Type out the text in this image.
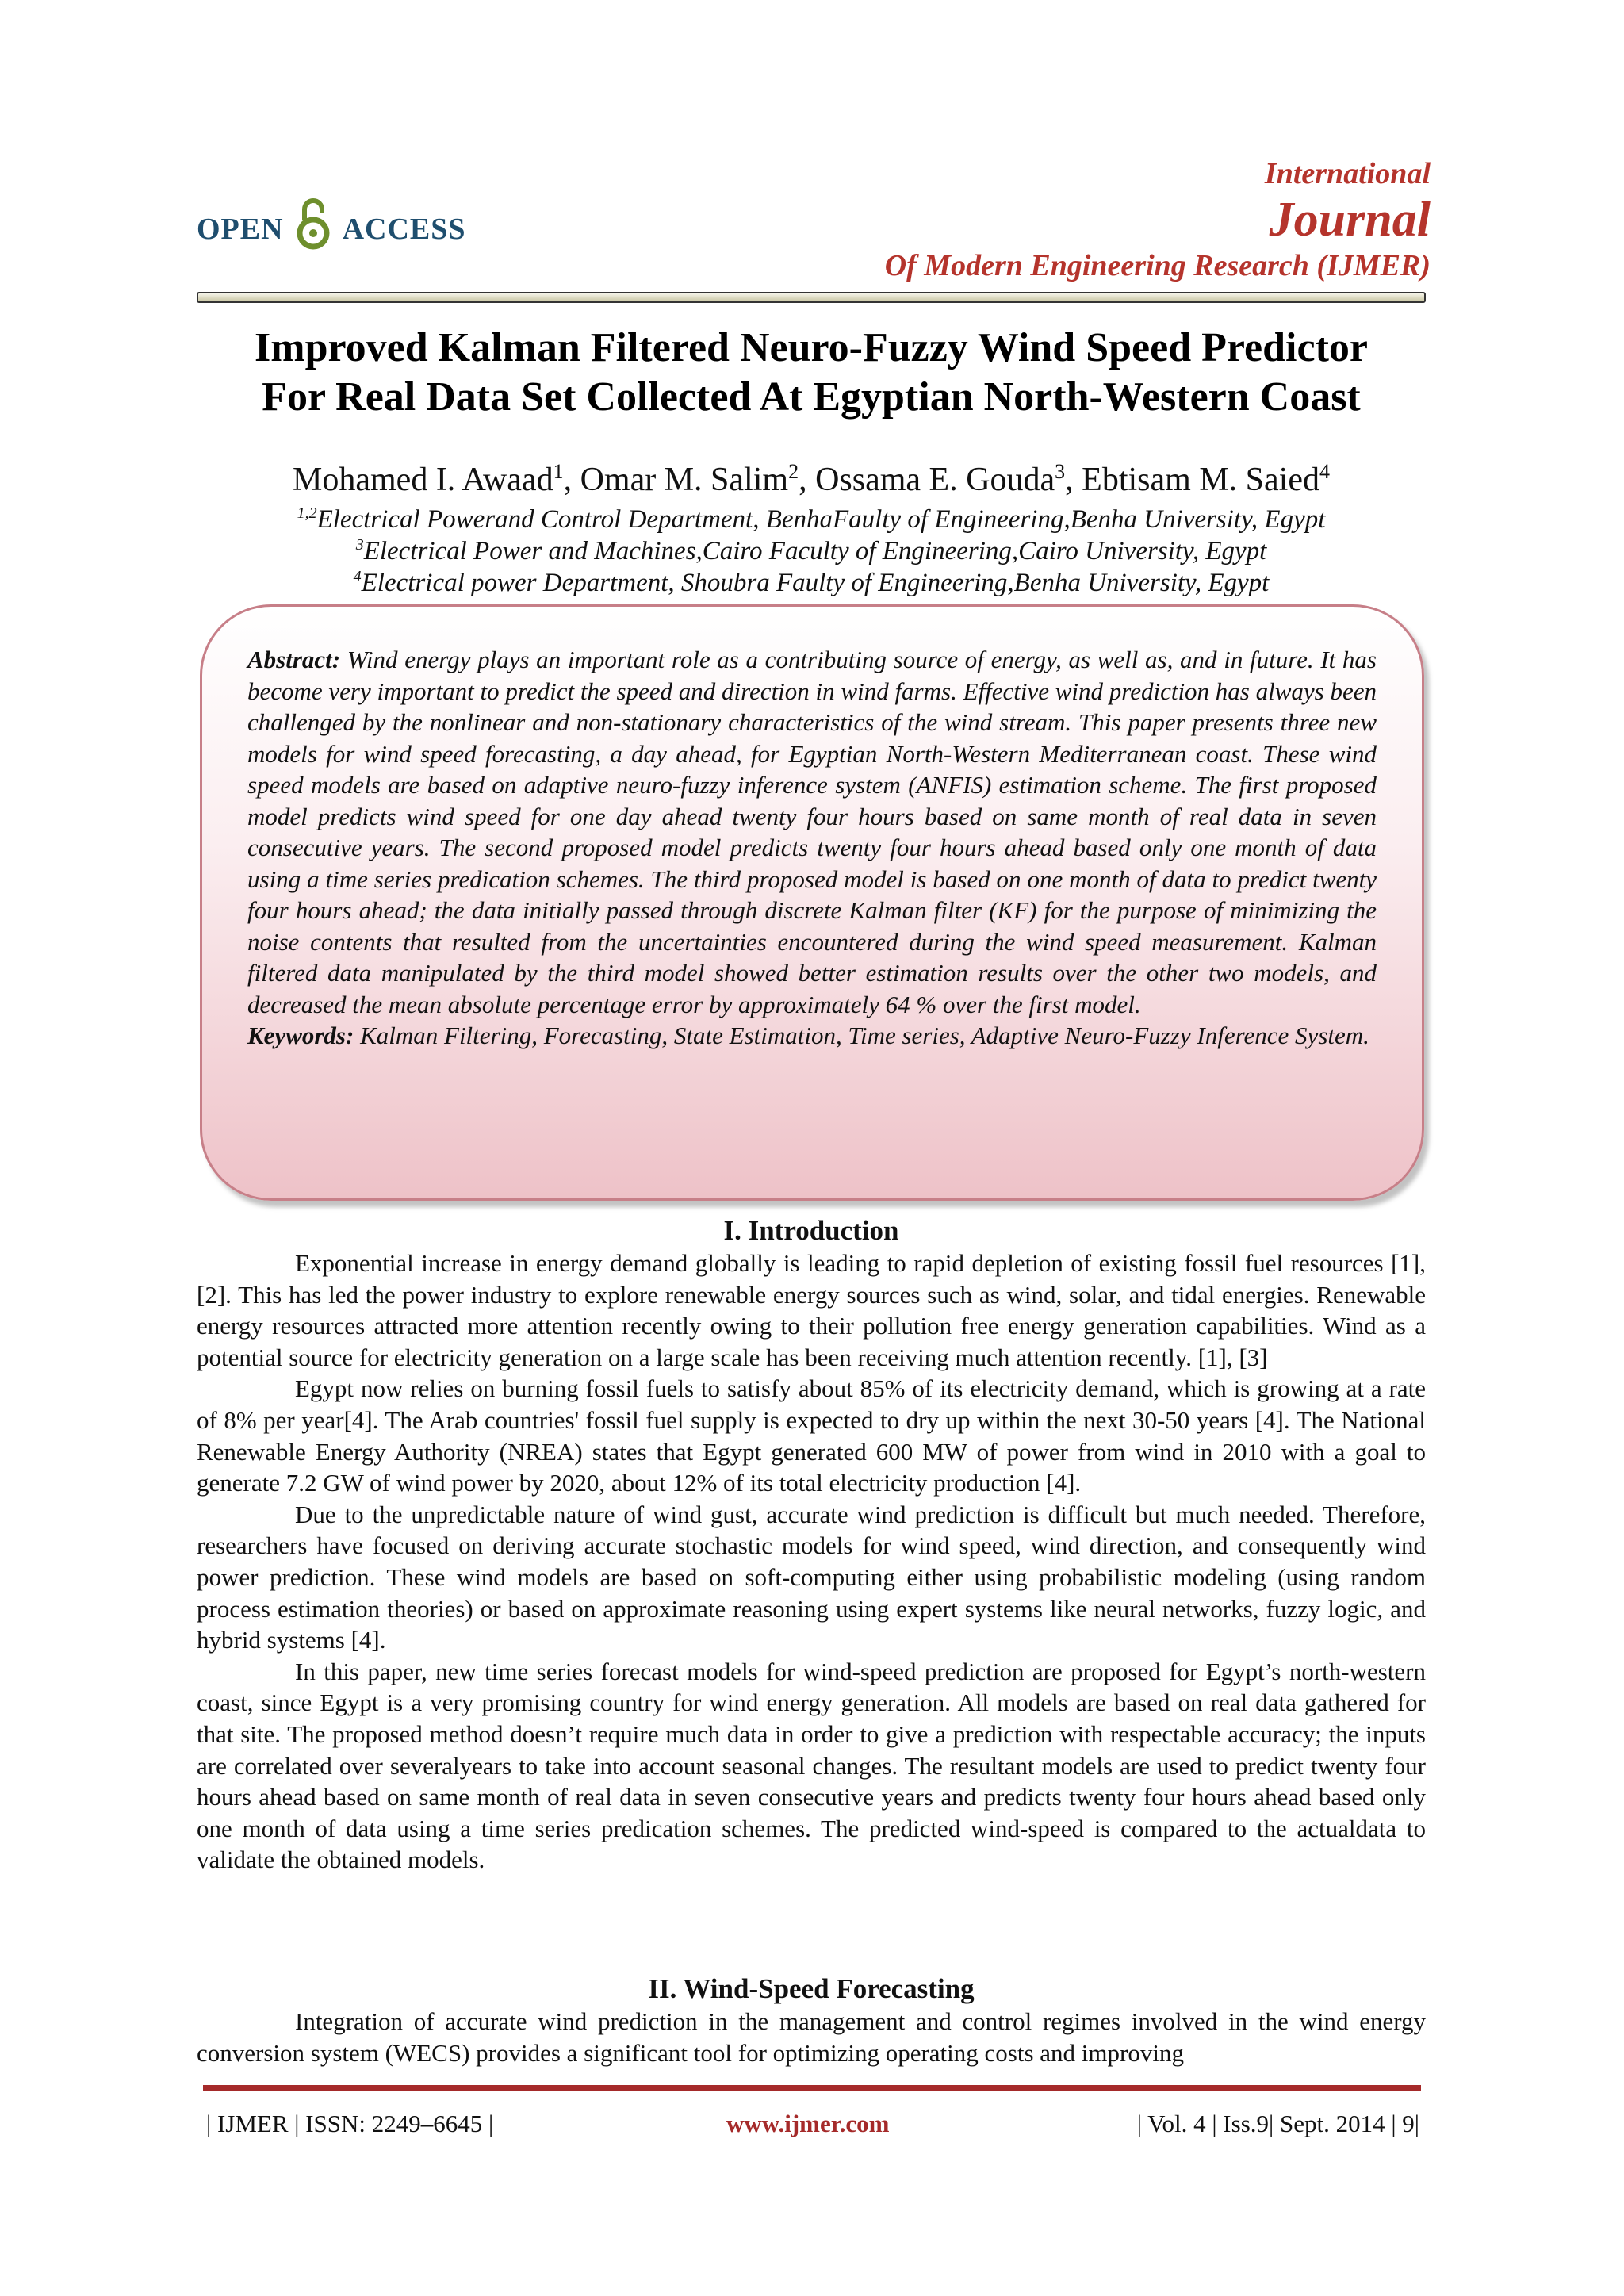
OPEN ACCESS
International
Journal
Of Modern Engineering Research (IJMER)
Improved Kalman Filtered Neuro-Fuzzy Wind Speed Predictor
For Real Data Set Collected At Egyptian North-Western Coast
Mohamed I. Awaad$^1$, Omar M. Salim$^2$, Ossama E. Gouda$^3$, Ebtisam M. Saied$^4$
$^{1,2}$Electrical Powerand Control Department, BenhaFaulty of Engineering,Benha University, Egypt
$^3$Electrical Power and Machines,Cairo Faculty of Engineering,Cairo University, Egypt
$^4$Electrical power Department, Shoubra Faulty of Engineering,Benha University, Egypt
Abstract: Wind energy plays an important role as a contributing source of energy, as well as, and in future. It has become very important to predict the speed and direction in wind farms. Effective wind prediction has always been challenged by the nonlinear and non-stationary characteristics of the wind stream. This paper presents three new models for wind speed forecasting, a day ahead, for Egyptian North-Western Mediterranean coast. These wind speed models are based on adaptive neuro-fuzzy inference system (ANFIS) estimation scheme. The first proposed model predicts wind speed for one day ahead twenty four hours based on same month of real data in seven consecutive years. The second proposed model predicts twenty four hours ahead based only one month of data using a time series predication schemes. The third proposed model is based on one month of data to predict twenty four hours ahead; the data initially passed through discrete Kalman filter (KF) for the purpose of minimizing the noise contents that resulted from the uncertainties encountered during the wind speed measurement. Kalman filtered data manipulated by the third model showed better estimation results over the other two models, and decreased the mean absolute percentage error by approximately 64 % over the first model.
Keywords: Kalman Filtering, Forecasting, State Estimation, Time series, Adaptive Neuro-Fuzzy Inference System.
I. Introduction

Exponential increase in energy demand globally is leading to rapid depletion of existing fossil fuel resources [1], [2]. This has led the power industry to explore renewable energy sources such as wind, solar, and tidal energies. Renewable energy resources attracted more attention recently owing to their pollution free energy generation capabilities. Wind as a potential source for electricity generation on a large scale has been receiving much attention recently. [1], [3]

Egypt now relies on burning fossil fuels to satisfy about 85% of its electricity demand, which is growing at a rate of 8% per year[4]. The Arab countries' fossil fuel supply is expected to dry up within the next 30-50 years [4]. The National Renewable Energy Authority (NREA) states that Egypt generated 600 MW of power from wind in 2010 with a goal to generate 7.2 GW of wind power by 2020, about 12% of its total electricity production [4].

Due to the unpredictable nature of wind gust, accurate wind prediction is difficult but much needed. Therefore, researchers have focused on deriving accurate stochastic models for wind speed, wind direction, and consequently wind power prediction. These wind models are based on soft-computing either using probabilistic modeling (using random process estimation theories) or based on approximate reasoning using expert systems like neural networks, fuzzy logic, and hybrid systems [4].

In this paper, new time series forecast models for wind-speed prediction are proposed for Egypt’s north-western coast, since Egypt is a very promising country for wind energy generation. All models are based on real data gathered for that site. The proposed method doesn’t require much data in order to give a prediction with respectable accuracy; the inputs are correlated over severalyears to take into account seasonal changes. The resultant models are used to predict twenty four hours ahead based on same month of real data in seven consecutive years and predicts twenty four hours ahead based only one month of data using a time series predication schemes. The predicted wind-speed is compared to the actualdata to validate the obtained models.

II. Wind-Speed Forecasting

Integration of accurate wind prediction in the management and control regimes involved in the wind energy conversion system (WECS) provides a significant tool for optimizing operating costs and improving

| IJMER | ISSN: 2249–6645 |	www.ijmer.com	| Vol. 4 | Iss.9| Sept. 2014 | 9|
